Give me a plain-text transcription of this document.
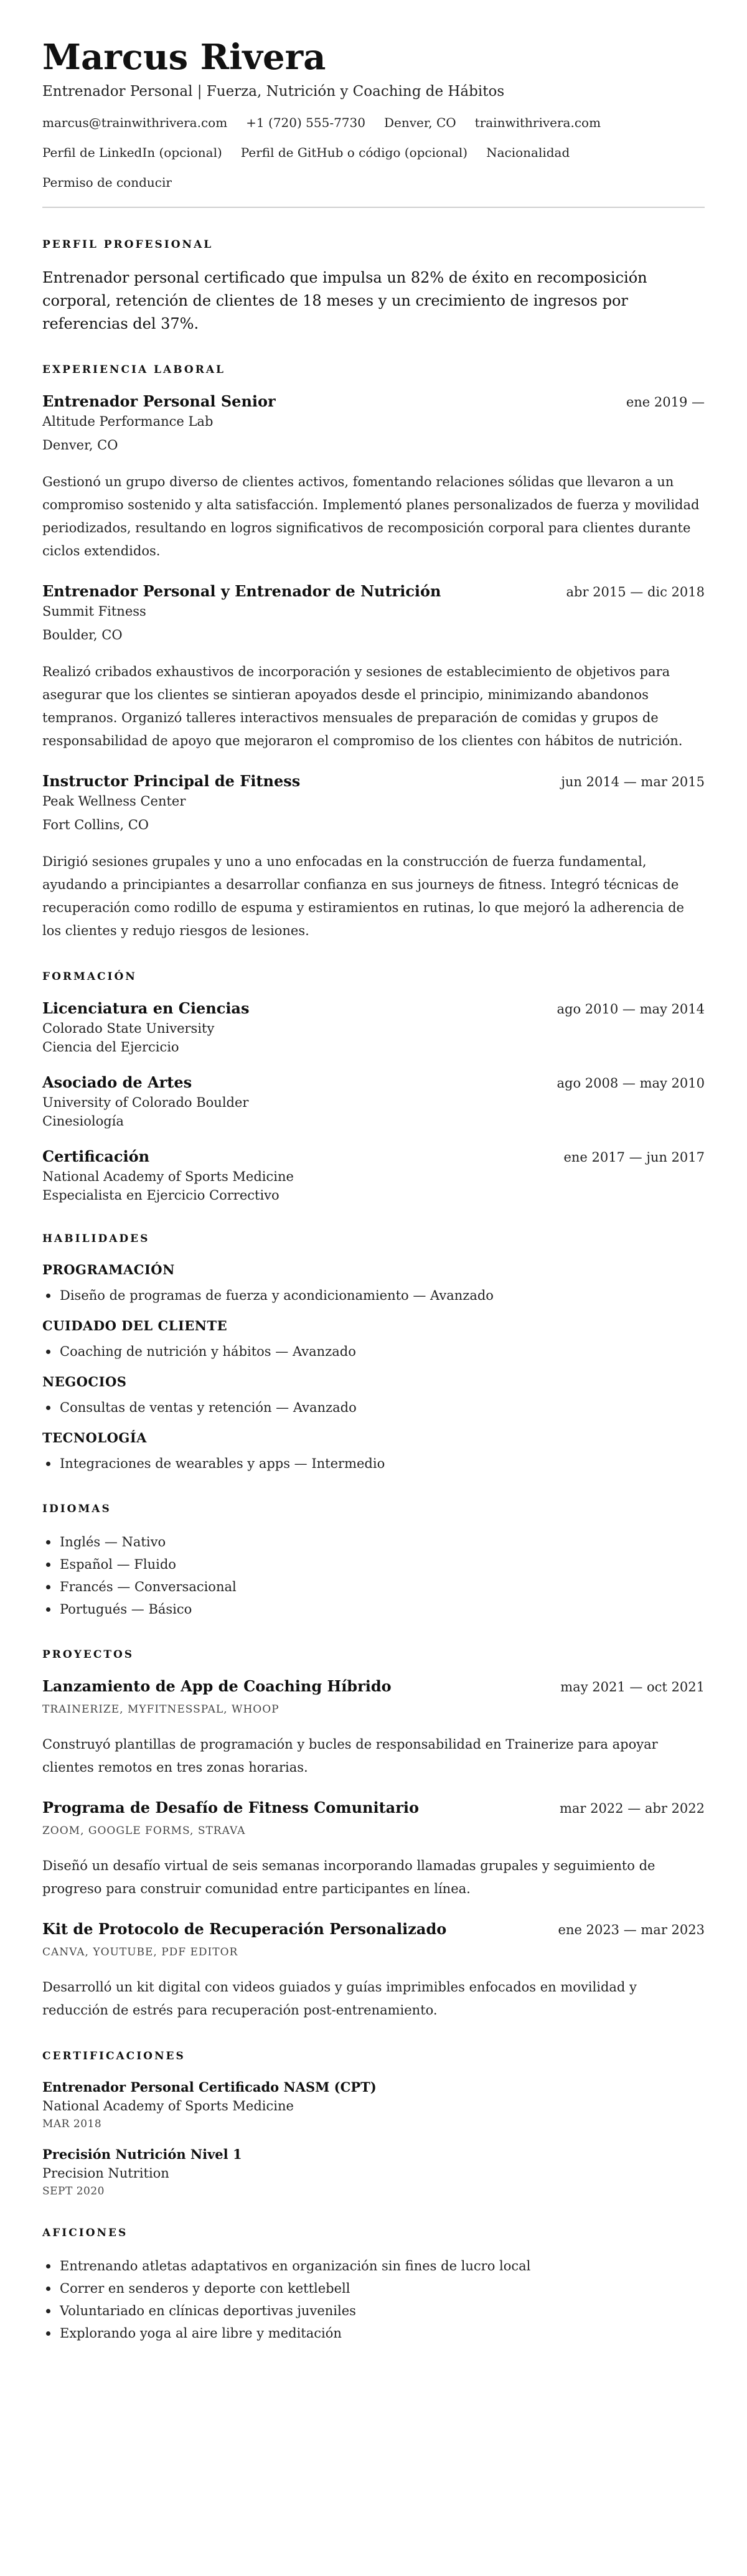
Marcus Rivera
Entrenador Personal | Fuerza, Nutrición y Coaching de Hábitos
marcus@trainwithrivera.com +1 (720) 555-7730 Denver, CO trainwithrivera.com
Perfil de LinkedIn (opcional) Perfil de GitHub o código (opcional) Nacionalidad
Permiso de conducir
PERFIL PROFESIONAL

Entrenador personal certificado que impulsa un 82% de éxito en recomposición corporal, retención de clientes de 18 meses y un crecimiento de ingresos por referencias del 37%.

EXPERIENCIA LABORAL
Entrenador Personal Senior	ene 2019 —
Altitude Performance Lab
Denver, CO

Gestionó un grupo diverso de clientes activos, fomentando relaciones sólidas que llevaron a un compromiso sostenido y alta satisfacción. Implementó planes personalizados de fuerza y movilidad periodizados, resultando en logros significativos de recomposición corporal para clientes durante ciclos extendidos.

Entrenador Personal y Entrenador de Nutrición	abr 2015 — dic 2018
Summit Fitness
Boulder, CO

Realizó cribados exhaustivos de incorporación y sesiones de establecimiento de objetivos para asegurar que los clientes se sintieran apoyados desde el principio, minimizando abandonos tempranos. Organizó talleres interactivos mensuales de preparación de comidas y grupos de responsabilidad de apoyo que mejoraron el compromiso de los clientes con hábitos de nutrición.

Instructor Principal de Fitness	jun 2014 — mar 2015
Peak Wellness Center
Fort Collins, CO

Dirigió sesiones grupales y uno a uno enfocadas en la construcción de fuerza fundamental, ayudando a principiantes a desarrollar confianza en sus journeys de fitness. Integró técnicas de recuperación como rodillo de espuma y estiramientos en rutinas, lo que mejoró la adherencia de los clientes y redujo riesgos de lesiones.

FORMACIÓN
Licenciatura en Ciencias	ago 2010 — may 2014
Colorado State University
Ciencia del Ejercicio
Asociado de Artes	ago 2008 — may 2010
University of Colorado Boulder
Cinesiología
Certificación	ene 2017 — jun 2017
National Academy of Sports Medicine
Especialista en Ejercicio Correctivo
HABILIDADES
PROGRAMACIÓN
Diseño de programas de fuerza y acondicionamiento — Avanzado
CUIDADO DEL CLIENTE
Coaching de nutrición y hábitos — Avanzado
NEGOCIOS
Consultas de ventas y retención — Avanzado
TECNOLOGÍA
Integraciones de wearables y apps — Intermedio
IDIOMAS
Inglés — Nativo
Español — Fluido
Francés — Conversacional
Portugués — Básico
PROYECTOS
Lanzamiento de App de Coaching Híbrido	may 2021 — oct 2021
TRAINERIZE, MYFITNESSPAL, WHOOP

Construyó plantillas de programación y bucles de responsabilidad en Trainerize para apoyar clientes remotos en tres zonas horarias.

Programa de Desafío de Fitness Comunitario	mar 2022 — abr 2022
ZOOM, GOOGLE FORMS, STRAVA

Diseñó un desafío virtual de seis semanas incorporando llamadas grupales y seguimiento de progreso para construir comunidad entre participantes en línea.

Kit de Protocolo de Recuperación Personalizado	ene 2023 — mar 2023
CANVA, YOUTUBE, PDF EDITOR

Desarrolló un kit digital con videos guiados y guías imprimibles enfocados en movilidad y reducción de estrés para recuperación post-entrenamiento.

CERTIFICACIONES
Entrenador Personal Certificado NASM (CPT)
National Academy of Sports Medicine
MAR 2018
Precisión Nutrición Nivel 1
Precision Nutrition
SEPT 2020
AFICIONES
Entrenando atletas adaptativos en organización sin fines de lucro local
Correr en senderos y deporte con kettlebell
Voluntariado en clínicas deportivas juveniles
Explorando yoga al aire libre y meditación
